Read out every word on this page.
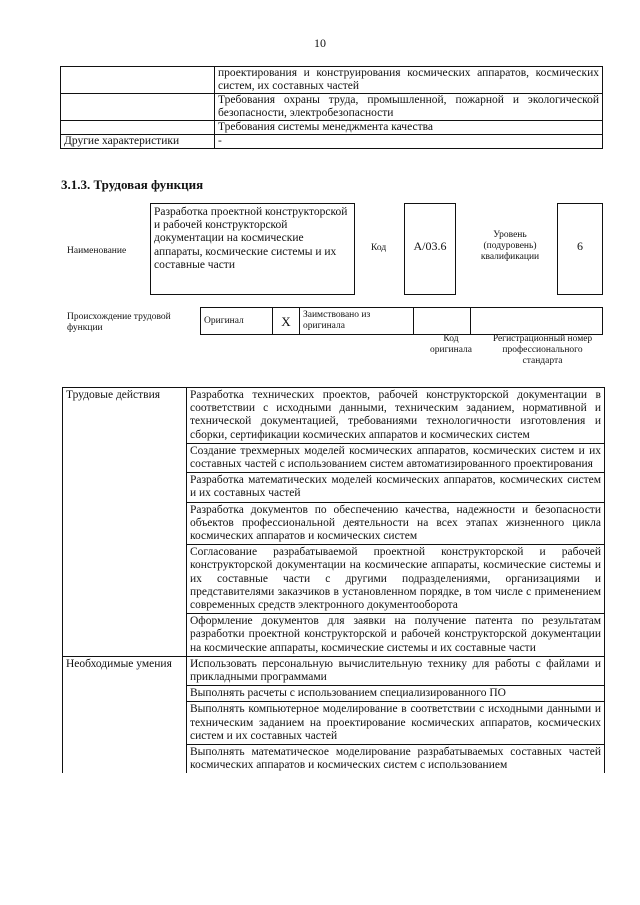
10
	проектирования и конструирования космических аппаратов, космических систем, их составных частей
	Требования охраны труда, промышленной, пожарной и экологической безопасности, электробезопасности
	Требования системы менеджмента качества
Другие характеристики	-
3.1.3. Трудовая функция
Наименование
Разработка проектной конструкторской и рабочей конструкторской документации на космические аппараты, космические системы и их составные части
Код	А/03.6
Уровень (подуровень) квалификации
6
Происхождение трудовой функции
Оригинал	X	Заимствовано из оригинала		
Код оригинала
Регистрационный номер профессионального стандарта
Трудовые действия	Разработка технических проектов, рабочей конструкторской документации в соответствии с исходными данными, техническим заданием, нормативной и технической документацией, требованиями технологичности изготовления и сборки, сертификации космических аппаратов и космических систем
	Создание трехмерных моделей космических аппаратов, космических систем и их составных частей с использованием систем автоматизированного проектирования
	Разработка математических моделей космических аппаратов, космических систем и их составных частей
	Разработка документов по обеспечению качества, надежности и безопасности объектов профессиональной деятельности на всех этапах жизненного цикла космических аппаратов и космических систем
	Согласование разрабатываемой проектной конструкторской и рабочей конструкторской документации на космические аппараты, космические системы и их составные части с другими подразделениями, организациями и представителями заказчиков в установленном порядке, в том числе с применением современных средств электронного документооборота
	Оформление документов для заявки на получение патента по результатам разработки проектной конструкторской и рабочей конструкторской документации на космические аппараты, космические системы и их составные части
Необходимые умения	Использовать персональную вычислительную технику для работы с файлами и прикладными программами
	Выполнять расчеты с использованием специализированного ПО
	Выполнять компьютерное моделирование в соответствии с исходными данными и техническим заданием на проектирование космических аппаратов, космических систем и их составных частей
	Выполнять математическое моделирование разрабатываемых составных частей космических аппаратов и космических систем с использованием
